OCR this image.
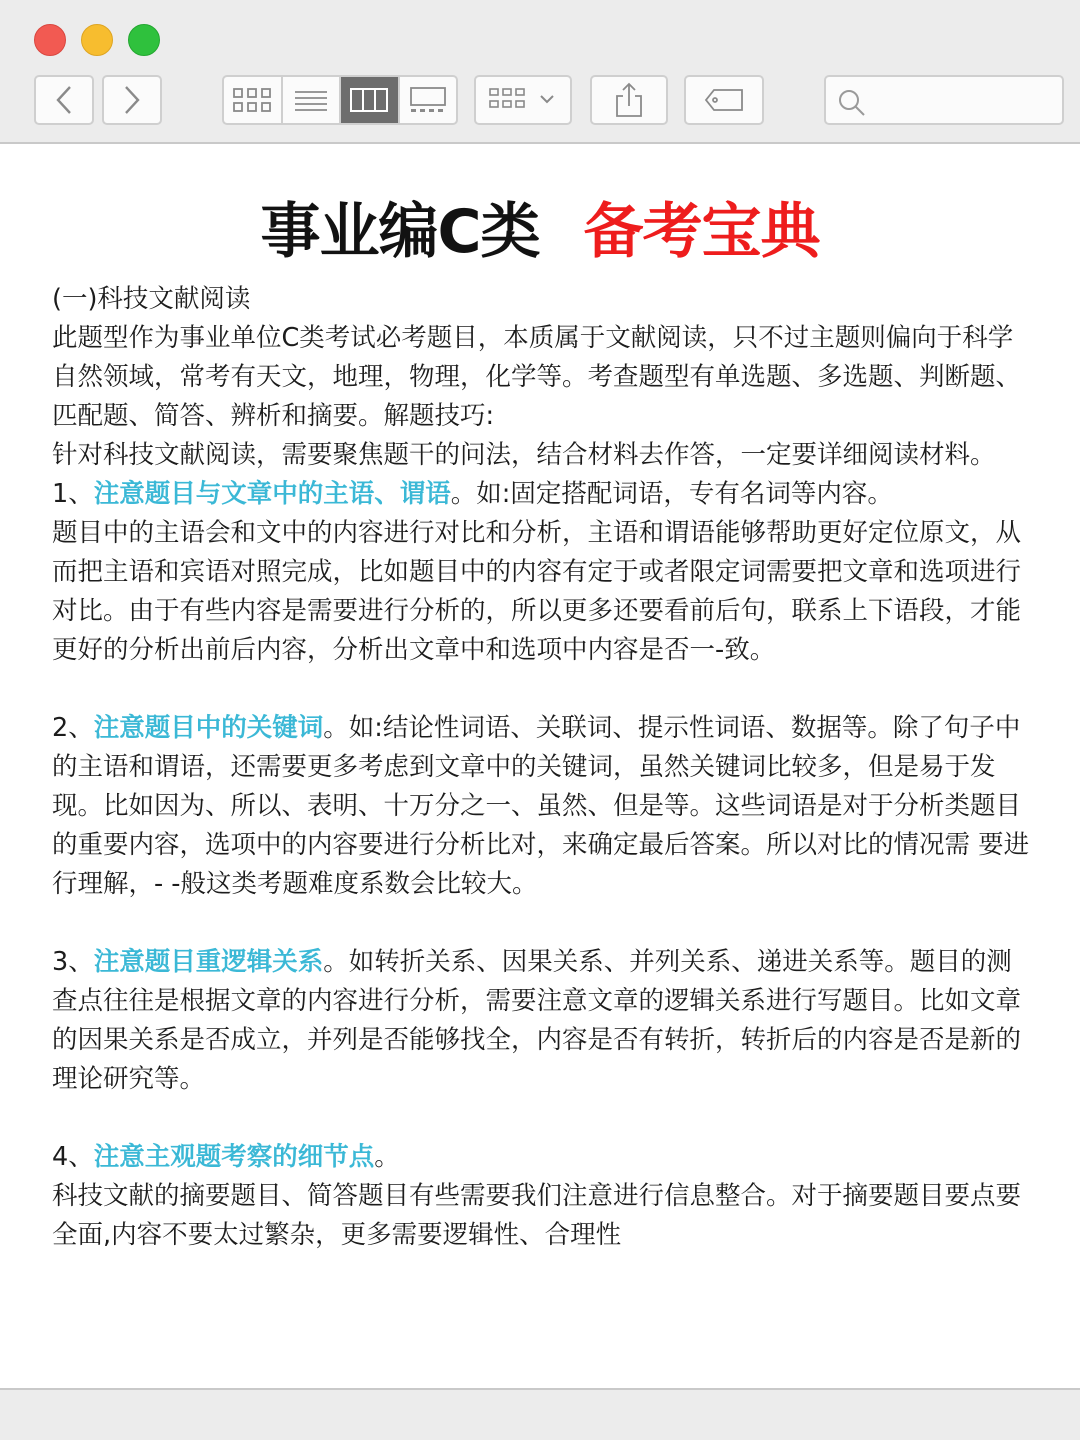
事业编C类 备考宝典

(一)科技文献阅读

此题型作为事业单位C类考试必考题目，本质属于文献阅读，只不过主题则偏向于科学自然领域，常考有天文，地理，物理，化学等。考查题型有单选题、多选题、判断题、匹配题、简答、辨析和摘要。解题技巧:

针对科技文献阅读，需要聚焦题干的问法，结合材料去作答，一定要详细阅读材料。

1、注意题目与文章中的主语、谓语。如:固定搭配词语，专有名词等内容。

题目中的主语会和文中的内容进行对比和分析，主语和谓语能够帮助更好定位原文，从而把主语和宾语对照完成，比如题目中的内容有定于或者限定词需要把文章和选项进行对比。由于有些内容是需要进行分析的，所以更多还要看前后句，联系上下语段，才能更好的分析出前后内容，分析出文章中和选项中内容是否一-致。

2、注意题目中的关键词。如:结论性词语、关联词、提示性词语、数据等。除了句子中的主语和谓语，还需要更多考虑到文章中的关键词，虽然关键词比较多，但是易于发现。比如因为、所以、表明、十万分之一、虽然、但是等。这些词语是对于分析类题目的重要内容，选项中的内容要进行分析比对，来确定最后答案。所以对比的情况需 要进行理解，- -般这类考题难度系数会比较大。

3、注意题目重逻辑关系。如转折关系、因果关系、并列关系、递进关系等。题目的测查点往往是根据文章的内容进行分析，需要注意文章的逻辑关系进行写题目。比如文章的因果关系是否成立，并列是否能够找全，内容是否有转折，转折后的内容是否是新的理论研究等。

4、注意主观题考察的细节点。

科技文献的摘要题目、简答题目有些需要我们注意进行信息整合。对于摘要题目要点要全面,内容不要太过繁杂，更多需要逻辑性、合理性
